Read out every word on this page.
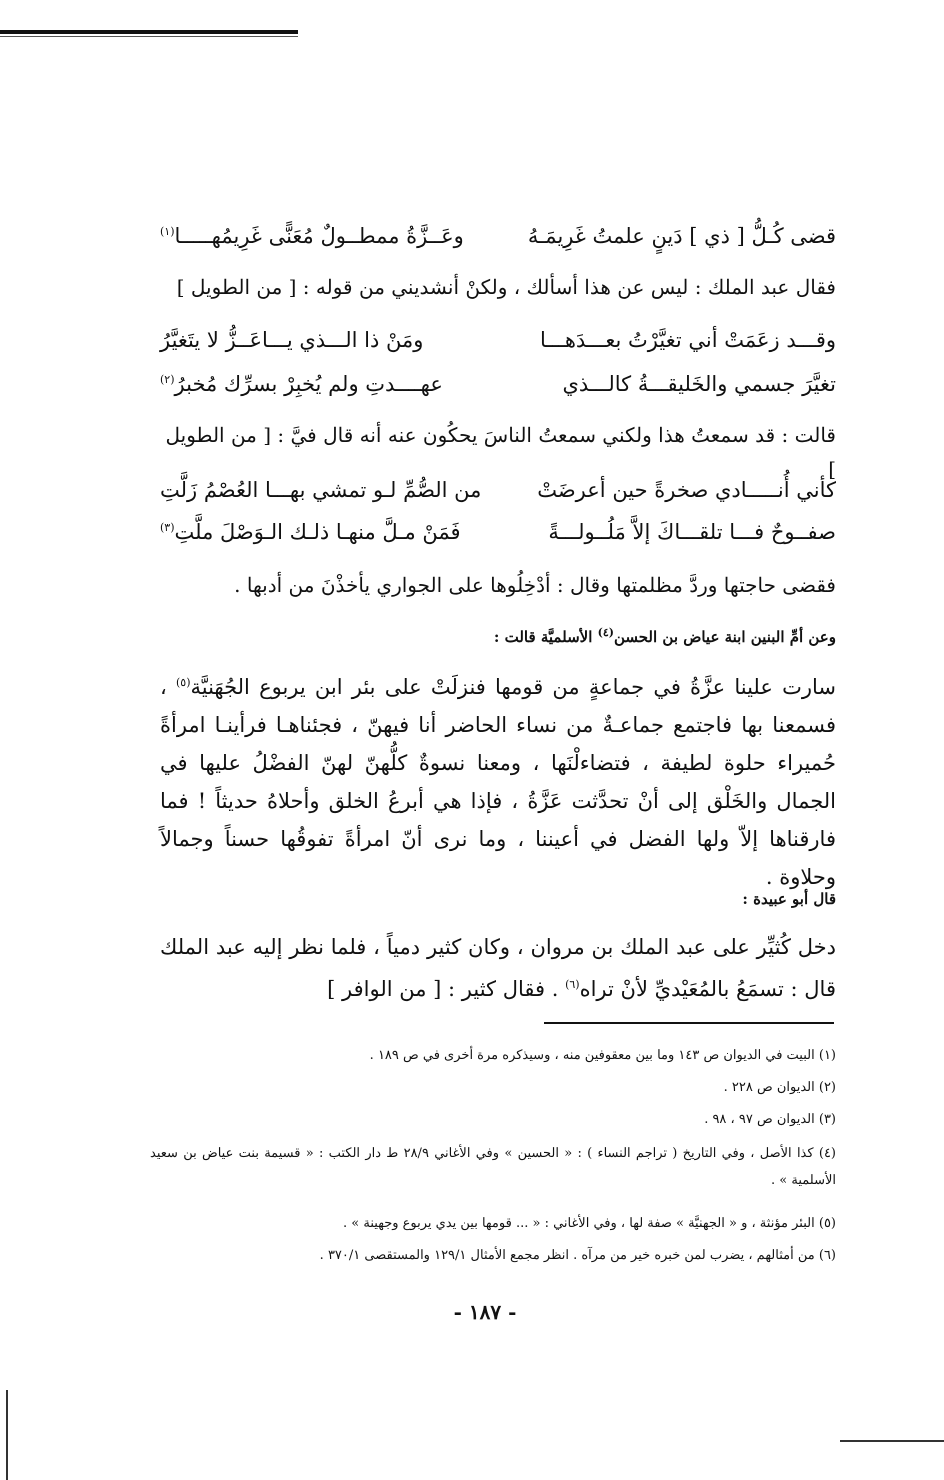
قضى كُـلُّ [ ذي ] دَينٍ علمتُ غَرِيمَـهُ
وعَــزَّةُ ممطــولٌ مُعَنًّى غَرِيمُهـــــا$^{(١)}$
فقال عبد الملك : ليس عن هذا أسألك ، ولكنْ أنشديني من قوله : [ من الطويل ]
وقـــد زعَمَتْ أني تغيَّرْتُ بعـــدَهـــا
ومَنْ ذا الـــذي يـــاعَــزُّ لا يتَغيَّرُ
تغيَّرَ جسمي والخَليقـــةُ كالـــذي
عهــــدتِ ولم يُخبِرْ بسرِّك مُخبرُ$^{(٢)}$
قالت : قد سمعتُ هذا ولكني سمعتُ الناسَ يحكُون عنه أنه قال فيَّ : [ من الطويل ]
كأني أُنـــــادي صخرةً حين أعرضَتْ
من الصُّمِّ لـو تمشي بهـــا العُصْمُ زَلَّتِ
صفــوحٌ فـــا تلقـــاكَ إلاَّ مَلُــولـــةً
فَمَنْ مـلَّ منهـا ذلـك الـوَصْلَ ملَّتِ$^{(٣)}$
فقضى حاجتها وردَّ مظلمتها وقال : أدْخِلُوها على الجواري يأخذْنَ من أدبها .
وعن أمِّ البنين ابنة عياض بن الحسن$^{(٤)}$ الأسلميَّة قالت :
سارت علينا عزَّةُ في جماعةٍ من قومها فنزلَتْ على بئر ابن يربوع الجُهَنيَّة$^{(٥)}$ ، فسمعنا بها فاجتمع جماعـةٌ من نساء الحاضر أنا فيهنّ ، فجئناهـا فرأينـا امرأةً حُميراء حلوة لطيفة ، فتضاءلْنَها ، ومعنا نسوةٌ كلُّهنّ لهنّ الفضْلُ عليها في الجمال والخَلْق إلى أنْ تحدَّثت عَزَّةُ ، فإذا هي أبرعُ الخلق وأحلاهُ حديثاً ! فما فارقناها إلاّ ولها الفضل في أعيننا ، وما نرى أنّ امرأةً تفوقُها حسناً وجمالاً وحلاوة .
قال أبو عبيدة :
دخل كُثيِّر على عبد الملك بن مروان ، وكان كثير دمياً ، فلما نظر إليه عبد الملك قال : تسمَعُ بالمُعَيْديِّ لأنْ تراه$^{(٦)}$ . فقال كثير : [ من الوافر ]
(١) البيت في الديوان ص ١٤٣ وما بين معقوفين منه ، وسيذكره مرة أخرى في ص ١٨٩ .
(٢) الديوان ص ٢٢٨ .
(٣) الديوان ص ٩٧ ، ٩٨ .
(٤) كذا الأصل ، وفي التاريخ ( تراجم النساء ) : « الحسين » وفي الأغاني ٢٨/٩ ط دار الكتب : « قسيمة بنت عياض بن سعيد الأسلمية » .
(٥) البئر مؤنثة ، و « الجهنيَّة » صفة لها ، وفي الأغاني : « ... قومها بين يدي يربوع وجهينة » .
(٦) من أمثالهم ، يضرب لمن خبره خير من مرآه . انظر مجمع الأمثال ١٢٩/١ والمستقصى ٣٧٠/١ .
- ١٨٧ -
